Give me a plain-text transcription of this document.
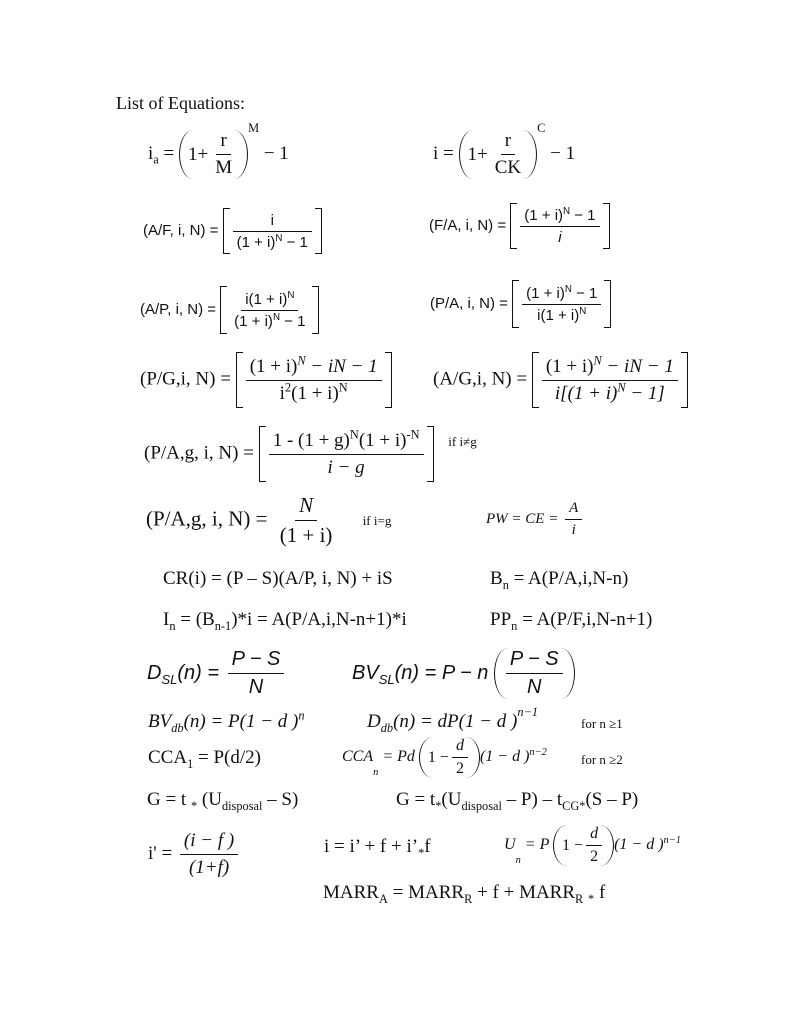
List of Equations:
$i_a = 1+ \frac{r}{M}$
$^M$ − 1	$i = 1+ \frac{r}{CK}$
$^C$ − 1
(A/F, i, $N) = \frac{i}{(1 + i)^N - 1}$	(F/A, i, $N) = \frac{(1 + i)^N - 1}{i}$
(A/P, i, $N) = \frac{i(1 + i)^N}{(1 + i)^N - 1}$	(P/A, i, $N) = \frac{(1 + i)^N - 1}{i(1 + i)^N}$
(P/G,i, $N) = \frac{(1 + i)^N - iN - 1}{i^2(1 + i)^N}$	(A/G,i, $N) = \frac{(1 + i)^N - iN - 1}{i[(1 + i)^N - 1]}$
(P/A,g, i, $N) = \frac{1 - (1 + g)^N(1 + i)^{-N}}{i - g} ^{if i\ne g}$
(P/A,g, i, $N) = \frac{N}{(1 + i)}$ if i=g	PW = CE = $\frac{A}{i}$
CR(i) = (P – S)(A/P, i, N) + iS	$B_n = A(P/A,i,N-n)$
$I_n = (B_{n-1})*i = A(P/A,i,N-n+1)*i$	$PP_n = A(P/F,i,N-n+1)$
$D_{SL}(n) = \frac{P - S}{N}$	$BV_{SL}(n) = P - n \frac{P - S}{N}$
$BV_{db}(n) = P(1 - d$ )$^n$	$D_{db}(n) = dP(1 - d$ )$^{n-1}$
for n ≥1
$CCA_1 = P(d/2)$	$CCA_n = Pd$ $1 - \frac{d}{2} (1 - d$ )$^{n-2}$	for n ≥2
G = t $_*$ $(U_{disposal} - S)$	$G = t_*(U_{disposal} - P) - t_{CG*}(S - P)$
$i' = \frac{(i - f )}{(1+f)}$	i = i’ + $f + i’_*f$	$U_n = P$ $1 - \frac{d}{2} (1 - d$ )$^{n-1}$
$MARR_A$ = $MARR_R + f$ + $MARR_R$ $_*$ f
